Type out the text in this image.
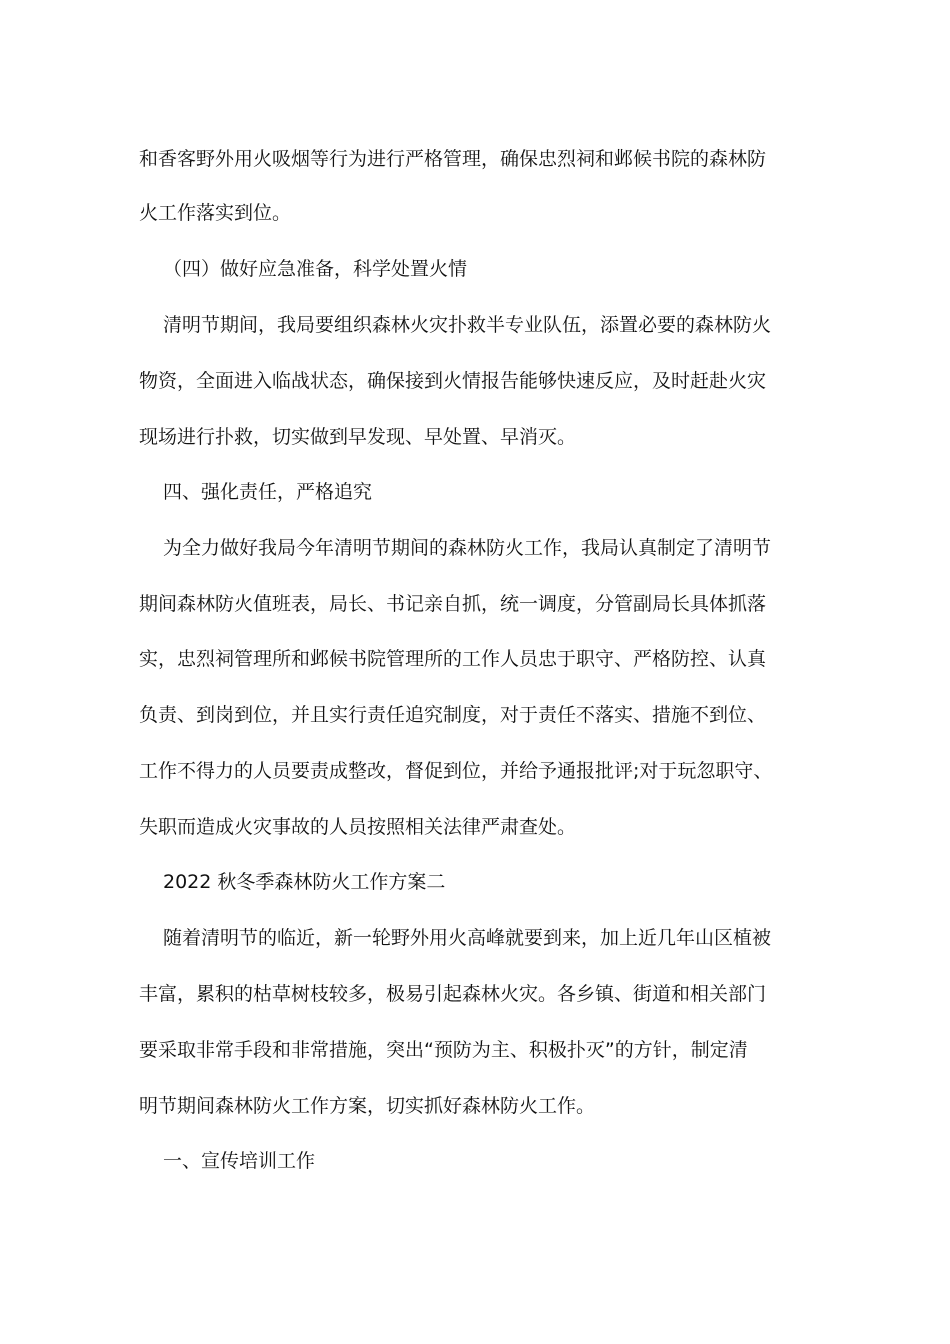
和香客野外用火吸烟等行为进行严格管理，确保忠烈祠和邺候书院的森林防
火工作落实到位。
（四）做好应急准备，科学处置火情
清明节期间，我局要组织森林火灾扑救半专业队伍，添置必要的森林防火
物资，全面进入临战状态，确保接到火情报告能够快速反应，及时赶赴火灾
现场进行扑救，切实做到早发现、早处置、早消灭。
四、强化责任，严格追究
为全力做好我局今年清明节期间的森林防火工作，我局认真制定了清明节
期间森林防火值班表，局长、书记亲自抓，统一调度，分管副局长具体抓落
实，忠烈祠管理所和邺候书院管理所的工作人员忠于职守、严格防控、认真
负责、到岗到位，并且实行责任追究制度，对于责任不落实、措施不到位、
工作不得力的人员要责成整改，督促到位，并给予通报批评;对于玩忽职守、
失职而造成火灾事故的人员按照相关法律严肃查处。
2022 秋冬季森林防火工作方案二
随着清明节的临近，新一轮野外用火高峰就要到来，加上近几年山区植被
丰富，累积的枯草树枝较多，极易引起森林火灾。各乡镇、街道和相关部门
要采取非常手段和非常措施，突出“预防为主、积极扑灭”的方针，制定清
明节期间森林防火工作方案，切实抓好森林防火工作。
一、宣传培训工作
